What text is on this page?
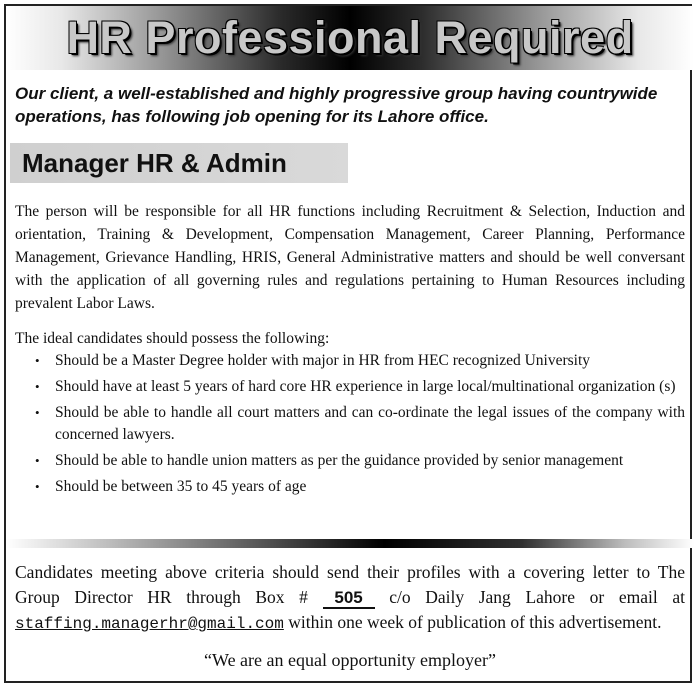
HR Professional Required
Our client, a well-established and highly progressive group having countrywide operations, has following job opening for its Lahore office.
Manager HR & Admin
The person will be responsible for all HR functions including Recruitment & Selection, Induction and orientation, Training & Development, Compensation Management, Career Planning, Performance Management, Grievance Handling, HRIS, General Administrative matters and should be well conversant with the application of all governing rules and regulations pertaining to Human Resources including prevalent Labor Laws.
The ideal candidates should possess the following:
• Should be a Master Degree holder with major in HR from HEC recognized University
• Should have at least 5 years of hard core HR experience in large local/multinational organization (s)
• Should be able to handle all court matters and can co-ordinate the legal issues of the company with concerned lawyers.
• Should be able to handle union matters as per the guidance provided by senior management
• Should be between 35 to 45 years of age
Candidates meeting above criteria should send their profiles with a covering letter to The Group Director HR through Box # 505 c/o Daily Jang Lahore or email at staffing.managerhr@gmail.com within one week of publication of this advertisement.
“We are an equal opportunity employer”
